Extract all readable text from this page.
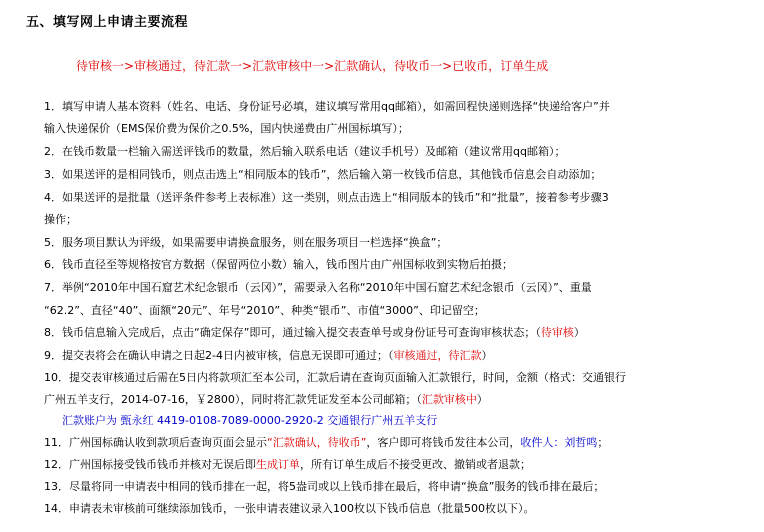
五、填写网上申请主要流程
待审核一>审核通过，待汇款一>汇款审核中一>汇款确认，待收币一>已收币，订单生成
1．填写申请人基本资料（姓名、电话、身份证号必填，建议填写常用qq邮箱），如需回程快递则选择“快递给客户”并
输入快递保价（EMS保价费为保价之0.5%，国内快递费由广州国标填写）；
2．在钱币数量一栏输入需送评钱币的数量，然后输入联系电话（建议手机号）及邮箱（建议常用qq邮箱）；
3．如果送评的是相同钱币，则点击选上“相同版本的钱币”，然后输入第一枚钱币信息，其他钱币信息会自动添加；
4．如果送评的是批量（送评条件参考上表标准）这一类别，则点击选上“相同版本的钱币”和“批量”，接着参考步骤3
操作；
5．服务项目默认为评级，如果需要申请换盒服务，则在服务项目一栏选择“换盒”；
6．钱币直径至等规格按官方数据（保留两位小数）输入，钱币图片由广州国标收到实物后拍摄；
7．举例“2010年中国石窟艺术纪念银币（云冈）”，需要录入名称“2010年中国石窟艺术纪念银币（云冈）”、重量
“62.2”、直径“40”、面额“20元”、年号“2010”、种类“银币”、市值“3000”、印记留空；
8．钱币信息输入完成后，点击“确定保存”即可，通过输入提交表查单号或身份证号可查询审核状态；（待审核）
9．提交表将会在确认申请之日起2-4日内被审核，信息无误即可通过；（审核通过，待汇款）
10．提交表审核通过后需在5日内将款项汇至本公司，汇款后请在查询页面输入汇款银行，时间，金额（格式：交通银行
广州五羊支行，2014-07-16，￥2800），同时将汇款凭证发至本公司邮箱；（汇款审核中）
汇款账户为 甄永红 4419-0108-7089-0000-2920-2 交通银行广州五羊支行
11．广州国标确认收到款项后查询页面会显示“汇款确认，待收币”，客户即可将钱币发往本公司，收件人：刘哲鸣；
12．广州国标接受钱币钱币并核对无误后即生成订单，所有订单生成后不接受更改、撤销或者退款；
13．尽量将同一申请表中相同的钱币排在一起，将5盎司或以上钱币排在最后，将申请“换盒”服务的钱币排在最后；
14．申请表未审核前可继续添加钱币，一张申请表建议录入100枚以下钱币信息（批量500枚以下）。
